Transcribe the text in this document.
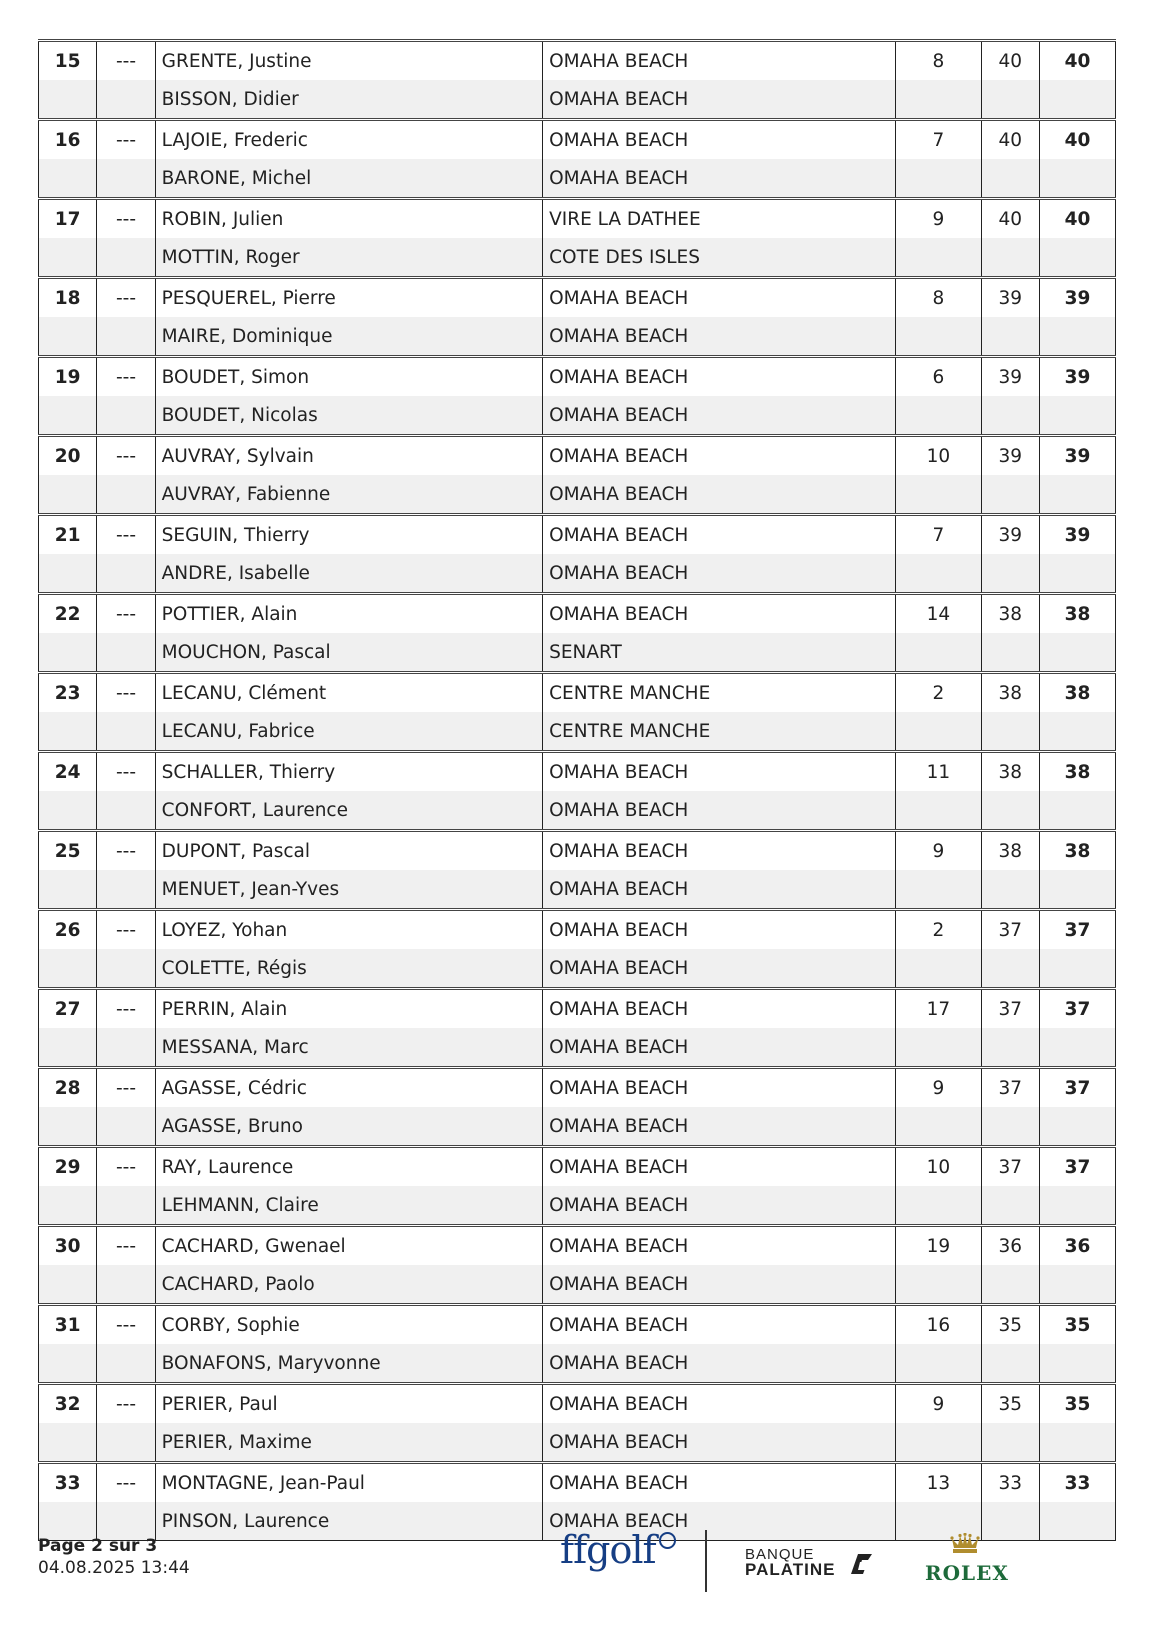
15	---	GRENTE, Justine	OMAHA BEACH	8	40	40
		BISSON, Didier	OMAHA BEACH			
16	---	LAJOIE, Frederic	OMAHA BEACH	7	40	40
		BARONE, Michel	OMAHA BEACH			
17	---	ROBIN, Julien	VIRE LA DATHEE	9	40	40
		MOTTIN, Roger	COTE DES ISLES			
18	---	PESQUEREL, Pierre	OMAHA BEACH	8	39	39
		MAIRE, Dominique	OMAHA BEACH			
19	---	BOUDET, Simon	OMAHA BEACH	6	39	39
		BOUDET, Nicolas	OMAHA BEACH			
20	---	AUVRAY, Sylvain	OMAHA BEACH	10	39	39
		AUVRAY, Fabienne	OMAHA BEACH			
21	---	SEGUIN, Thierry	OMAHA BEACH	7	39	39
		ANDRE, Isabelle	OMAHA BEACH			
22	---	POTTIER, Alain	OMAHA BEACH	14	38	38
		MOUCHON, Pascal	SENART			
23	---	LECANU, Clément	CENTRE MANCHE	2	38	38
		LECANU, Fabrice	CENTRE MANCHE			
24	---	SCHALLER, Thierry	OMAHA BEACH	11	38	38
		CONFORT, Laurence	OMAHA BEACH			
25	---	DUPONT, Pascal	OMAHA BEACH	9	38	38
		MENUET, Jean-Yves	OMAHA BEACH			
26	---	LOYEZ, Yohan	OMAHA BEACH	2	37	37
		COLETTE, Régis	OMAHA BEACH			
27	---	PERRIN, Alain	OMAHA BEACH	17	37	37
		MESSANA, Marc	OMAHA BEACH			
28	---	AGASSE, Cédric	OMAHA BEACH	9	37	37
		AGASSE, Bruno	OMAHA BEACH			
29	---	RAY, Laurence	OMAHA BEACH	10	37	37
		LEHMANN, Claire	OMAHA BEACH			
30	---	CACHARD, Gwenael	OMAHA BEACH	19	36	36
		CACHARD, Paolo	OMAHA BEACH			
31	---	CORBY, Sophie	OMAHA BEACH	16	35	35
		BONAFONS, Maryvonne	OMAHA BEACH			
32	---	PERIER, Paul	OMAHA BEACH	9	35	35
		PERIER, Maxime	OMAHA BEACH			
33	---	MONTAGNE, Jean-Paul	OMAHA BEACH	13	33	33
		PINSON, Laurence	OMAHA BEACH			
Page 2 sur 3
04.08.2025 13:44	ffgolf	BANQUE
PALATINE	ROLEX
